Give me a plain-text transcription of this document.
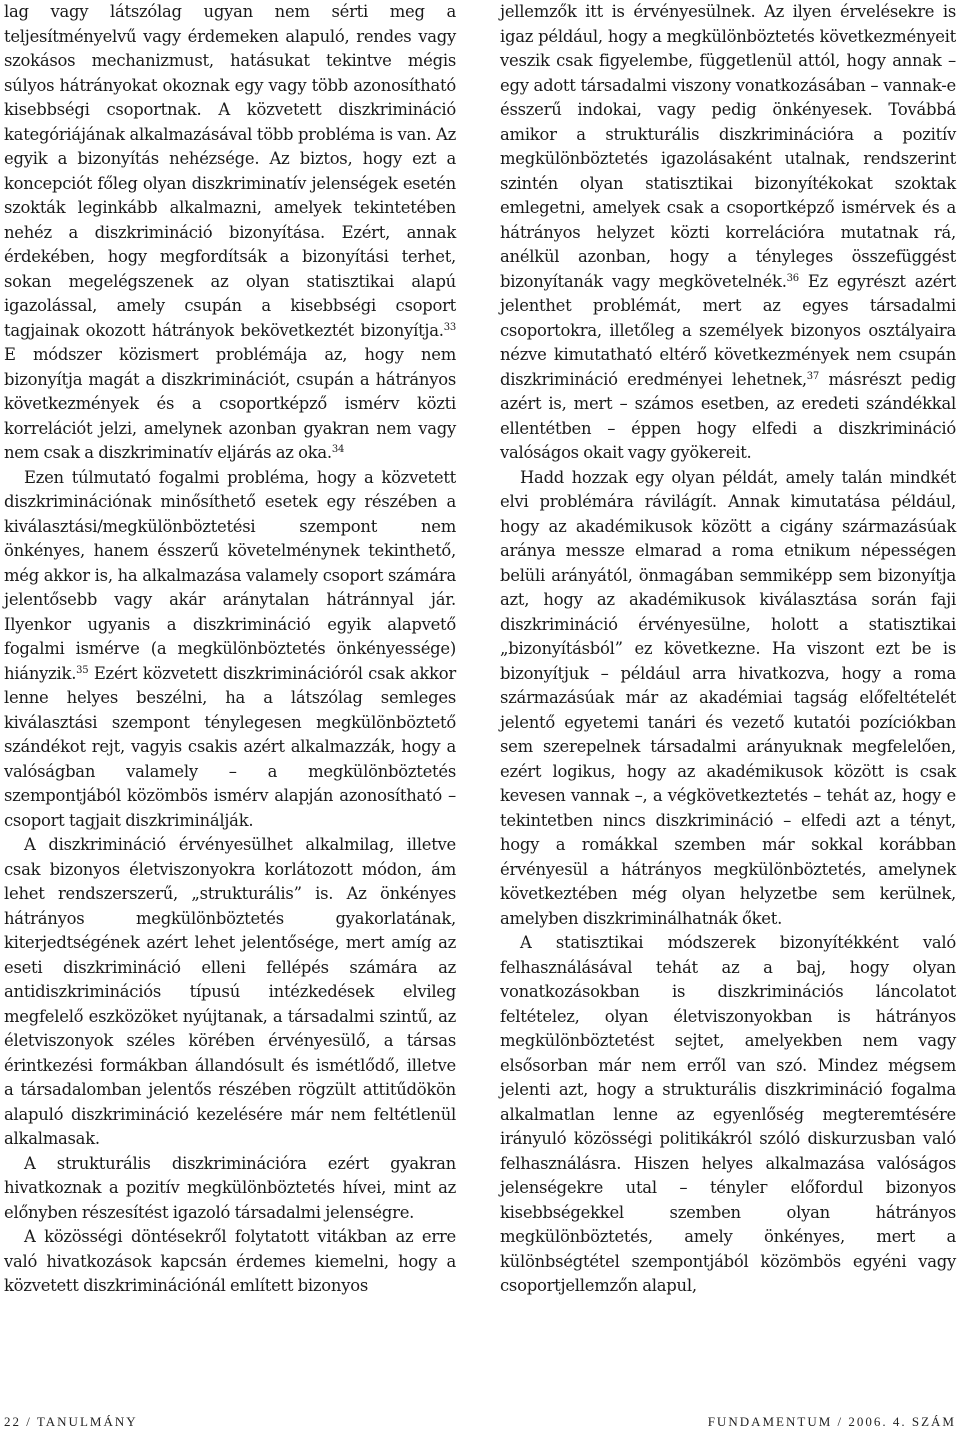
lag vagy látszólag ugyan nem sérti meg a teljesítményelvű vagy érdemeken alapuló, rendes vagy szokásos mechanizmust, hatásukat tekintve mégis súlyos hátrányokat okoznak egy vagy több azonosítható kisebbségi csoportnak. A közvetett diszkrimináció kategóriájának alkalmazásával több probléma is van. Az egyik a bizonyítás nehézsége. Az biztos, hogy ezt a koncepciót főleg olyan diszkriminatív jelenségek esetén szokták leginkább alkalmazni, amelyek tekintetében nehéz a diszkrimináció bizonyítása. Ezért, annak érdekében, hogy megfordítsák a bizonyítási terhet, sokan megelégszenek az olyan statisztikai alapú igazolással, amely csupán a kisebbségi csoport tagjainak okozott hátrányok bekövetkeztét bizonyítja.$^{33}$ E módszer közismert problémája az, hogy nem bizonyítja magát a diszkriminációt, csupán a hátrányos következmények és a csoportképző ismérv közti korrelációt jelzi, amelynek azonban gyakran nem vagy nem csak a diszkriminatív eljárás az oka.$^{34}$

Ezen túlmutató fogalmi probléma, hogy a közvetett diszkriminációnak minősíthető esetek egy részében a kiválasztási/megkülönböztetési szempont nem önkényes, hanem ésszerű követelménynek tekinthető, még akkor is, ha alkalmazása valamely csoport számára jelentősebb vagy akár aránytalan hátránnyal jár. Ilyenkor ugyanis a diszkrimináció egyik alapvető fogalmi ismérve (a megkülönböztetés önkényessége) hiányzik.$^{35}$ Ezért közvetett diszkriminációról csak akkor lenne helyes beszélni, ha a látszólag semleges kiválasztási szempont ténylegesen megkülönböztető szándékot rejt, vagyis csakis azért alkalmazzák, hogy a valóságban valamely – a megkülönböztetés szempontjából közömbös ismérv alapján azonosítható – csoport tagjait diszkriminálják.

A diszkrimináció érvényesülhet alkalmilag, illetve csak bizonyos életviszonyokra korlátozott módon, ám lehet rendszerszerű, „strukturális” is. Az önkényes hátrányos megkülönböztetés gyakorlatának, kiterjedtségének azért lehet jelentősége, mert amíg az eseti diszkrimináció elleni fellépés számára az antidiszkriminációs típusú intézkedések elvileg megfelelő eszközöket nyújtanak, a társadalmi szintű, az életviszonyok széles körében érvényesülő, a társas érintkezési formákban állandósult és ismétlődő, illetve a társadalomban jelentős részében rögzült attitűdökön alapuló diszkrimináció kezelésére már nem feltétlenül alkalmasak.

A strukturális diszkriminációra ezért gyakran hivatkoznak a pozitív megkülönböztetés hívei, mint az előnyben részesítést igazoló társadalmi jelenségre.

A közösségi döntésekről folytatott vitákban az erre való hivatkozások kapcsán érdemes kiemelni, hogy a közvetett diszkriminációnál említett bizonyos

jellemzők itt is érvényesülnek. Az ilyen érvelésekre is igaz például, hogy a megkülönböztetés következményeit veszik csak figyelembe, függetlenül attól, hogy annak – egy adott társadalmi viszony vonatkozásában – vannak-e ésszerű indokai, vagy pedig önkényesek. Továbbá amikor a strukturális diszkriminációra a pozitív megkülönböztetés igazolásaként utalnak, rendszerint szintén olyan statisztikai bizonyítékokat szoktak emlegetni, amelyek csak a csoportképző ismérvek és a hátrányos helyzet közti korrelációra mutatnak rá, anélkül azonban, hogy a tényleges összefüggést bizonyítanák vagy megkövetelnék.$^{36}$ Ez egyrészt azért jelenthet problémát, mert az egyes társadalmi csoportokra, illetőleg a személyek bizonyos osztályaira nézve kimutatható eltérő következmények nem csupán diszkrimináció eredményei lehetnek,$^{37}$ másrészt pedig azért is, mert – számos esetben, az eredeti szándékkal ellentétben – éppen hogy elfedi a diszkrimináció valóságos okait vagy gyökereit.

Hadd hozzak egy olyan példát, amely talán mindkét elvi problémára rávilágít. Annak kimutatása például, hogy az akadémikusok között a cigány származásúak aránya messze elmarad a roma etnikum népességen belüli arányától, önmagában semmiképp sem bizonyítja azt, hogy az akadémikusok kiválasztása során faji diszkrimináció érvényesülne, holott a statisztikai „bizonyításból” ez következne. Ha viszont ezt be is bizonyítjuk – például arra hivatkozva, hogy a roma származásúak már az akadémiai tagság előfeltételét jelentő egyetemi tanári és vezető kutatói pozíciókban sem szerepelnek társadalmi arányuknak megfelelően, ezért logikus, hogy az akadémikusok között is csak kevesen vannak –, a végkövetkeztetés – tehát az, hogy e tekintetben nincs diszkrimináció – elfedi azt a tényt, hogy a romákkal szemben már sokkal korábban érvényesül a hátrányos megkülönböztetés, amelynek következtében még olyan helyzetbe sem kerülnek, amelyben diszkriminálhatnák őket.

A statisztikai módszerek bizonyítékként való felhasználásával tehát az a baj, hogy olyan vonatkozásokban is diszkriminációs láncolatot feltételez, olyan életviszonyokban is hátrányos megkülönböztetést sejtet, amelyekben nem vagy elsősorban már nem erről van szó. Mindez mégsem jelenti azt, hogy a strukturális diszkrimináció fogalma alkalmatlan lenne az egyenlőség megteremtésére irányuló közösségi politikákról szóló diskurzusban való felhasználásra. Hiszen helyes alkalmazása valóságos jelenségekre utal – ténylег előfordul bizonyos kisebbségekkel szemben olyan hátrányos megkülönböztetés, amely önkényes, mert a különbségtétel szempontjából közömbös egyéni vagy csoportjellemzőn alapul,

22 / TANULMÁNY	FUNDAMENTUM / 2006. 4. SZÁM
